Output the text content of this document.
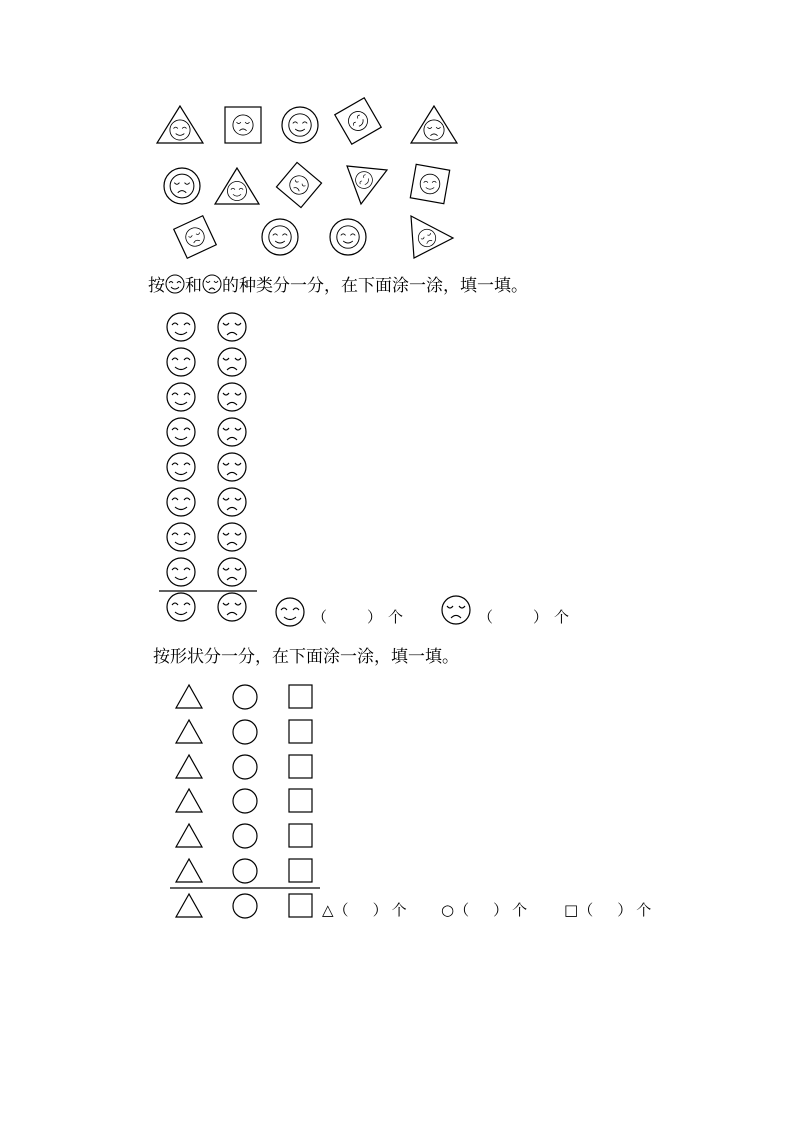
按 和 的种类分一分，在下面涂一涂，填一填。
（	） 个	（	） 个
按形状分一分，在下面涂一涂，填一填。
△（ ） 个 ○（ ） 个 □（ ） 个
